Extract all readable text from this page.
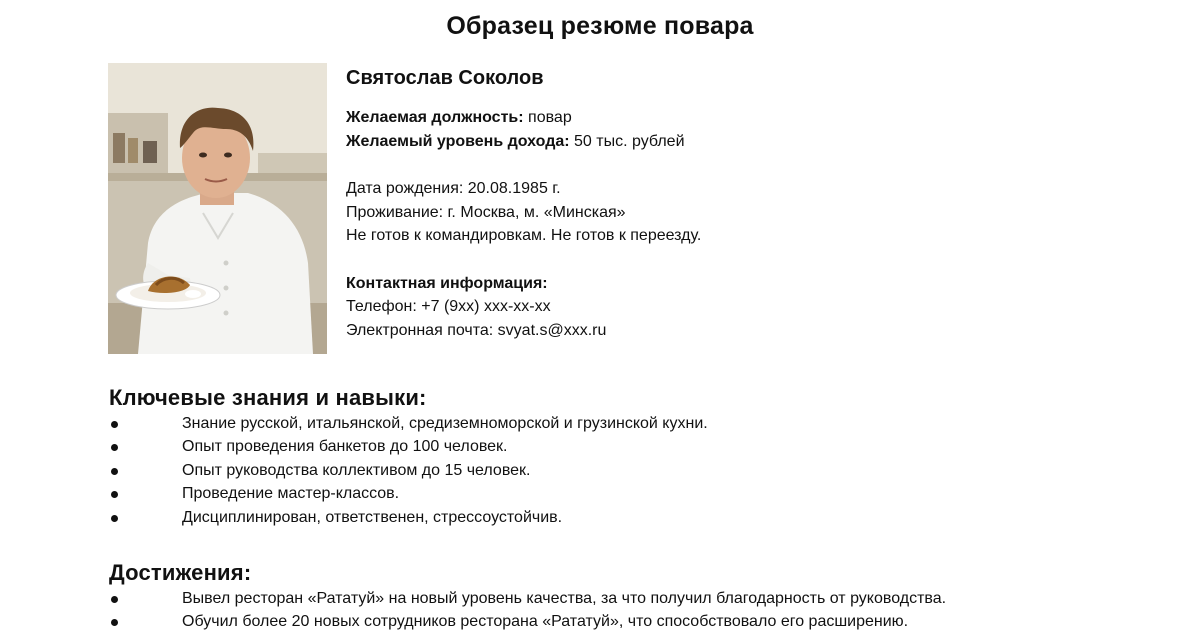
Образец резюме повара
Святослав Соколов
Желаемая должность: повар
Желаемый уровень дохода: 50 тыс. рублей
Дата рождения: 20.08.1985 г.
Проживание: г. Москва, м. «Минская»
Не готов к командировкам. Не готов к переезду.
Контактная информация:
Телефон: +7 (9xx) xxx-xx-xx
Электронная почта: svyat.s@xxx.ru
Ключевые знания и навыки:
Знание русской, итальянской, средиземноморской и грузинской кухни.
Опыт проведения банкетов до 100 человек.
Опыт руководства коллективом до 15 человек.
Проведение мастер-классов.
Дисциплинирован, ответственен, стрессоустойчив.
Достижения:
Вывел ресторан «Рататуй» на новый уровень качества, за что получил благодарность от руководства.
Обучил более 20 новых сотрудников ресторана «Рататуй», что способствовало его расширению.
